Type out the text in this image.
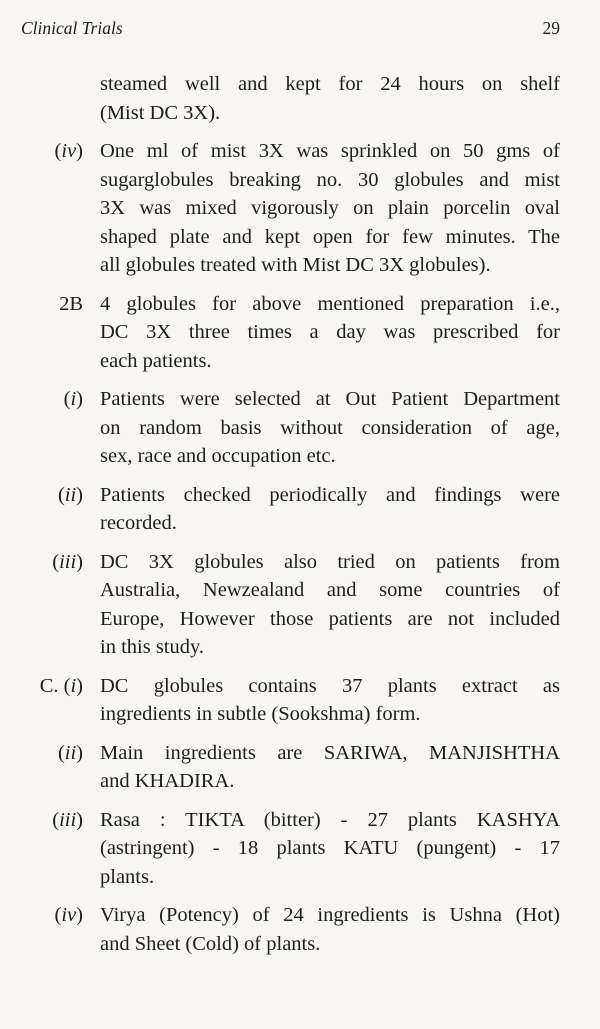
Clinical Trials	29
steamed well and kept for 24 hours on shelf
(Mist DC 3X).
(iv) One ml of mist 3X was sprinkled on 50 gms of
sugarglobules breaking no. 30 globules and mist
3X was mixed vigorously on plain porcelin oval
shaped plate and kept open for few minutes. The
all globules treated with Mist DC 3X globules).
2B 4 globules for above mentioned preparation i.e.,
DC 3X three times a day was prescribed for
each patients.
(i) Patients were selected at Out Patient Department
on random basis without consideration of age,
sex, race and occupation etc.
(ii) Patients checked periodically and findings were
recorded.
(iii) DC 3X globules also tried on patients from
Australia, Newzealand and some countries of
Europe, However those patients are not included
in this study.
C. (i) DC globules contains 37 plants extract as
ingredients in subtle (Sookshma) form.
(ii) Main ingredients are SARIWA, MANJISHTHA
and KHADIRA.
(iii) Rasa : TIKTA (bitter) - 27 plants KASHYA
(astringent) - 18 plants KATU (pungent) - 17
plants.
(iv) Virya (Potency) of 24 ingredients is Ushna (Hot)
and Sheet (Cold) of plants.
